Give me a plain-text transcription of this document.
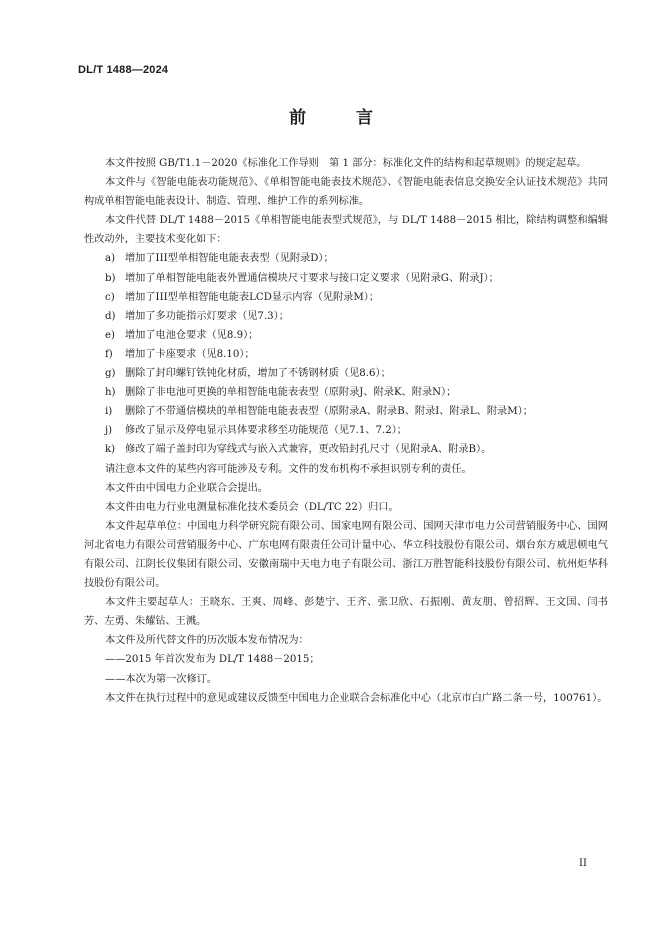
DL/T 1488—2024
前 言

本文件按照 GB/T1.1－2020《标准化工作导则　第 1 部分：标准化文件的结构和起草规则》的规定起草。

本文件与《智能电能表功能规范》、《单相智能电能表技术规范》、《智能电能表信息交换安全认证技术规范》共同构成单相智能电能表设计、制造、管理、维护工作的系列标准。

本文件代替 DL/T 1488－2015《单相智能电能表型式规范》，与 DL/T 1488－2015 相比，除结构调整和编辑性改动外，主要技术变化如下：

a) 增加了III型单相智能电能表表型（见附录D）；
b) 增加了单相智能电能表外置通信模块尺寸要求与接口定义要求（见附录G、附录J）；
c)	增加了III型单相智能电能表LCD显示内容（见附录M）；
d) 增加了多功能指示灯要求（见7.3）；
e) 增加了电池仓要求（见8.9）；
f)	增加了卡座要求（见8.10）；
g) 删除了封印螺钉铁钝化材质，增加了不锈钢材质（见8.6）；
h) 删除了非电池可更换的单相智能电能表表型（原附录J、附录K、附录N）；
i)	删除了不带通信模块的单相智能电能表表型（原附录A、附录B、附录I、附录L、附录M）；
j)	修改了显示及停电显示具体要求移至功能规范（见7.1、7.2）；
k) 修改了端子盖封印为穿线式与嵌入式兼容，更改铅封孔尺寸（见附录A、附录B）。

请注意本文件的某些内容可能涉及专利。文件的发布机构不承担识别专利的责任。

本文件由中国电力企业联合会提出。

本文件由电力行业电测量标准化技术委员会（DL/TC 22）归口。

本文件起草单位：中国电力科学研究院有限公司、国家电网有限公司、国网天津市电力公司营销服务中心、国网河北省电力有限公司营销服务中心、广东电网有限责任公司计量中心、华立科技股份有限公司、烟台东方威思顿电气有限公司、江阴长仪集团有限公司、安徽南瑞中天电力电子有限公司、浙江万胜智能科技股份有限公司、杭州炬华科技股份有限公司。

本文件主要起草人：王晓东、王爽、周峰、彭楚宁、王齐、张卫欣、石振刚、黄友朋、曾招辉、王文国、闫书芳、左勇、朱耀钻、王溅。

本文件及所代替文件的历次版本发布情况为：

——2015 年首次发布为 DL/T 1488－2015；

——本次为第一次修订。

本文件在执行过程中的意见或建议反馈至中国电力企业联合会标准化中心（北京市白广路二条一号，100761）。

II
